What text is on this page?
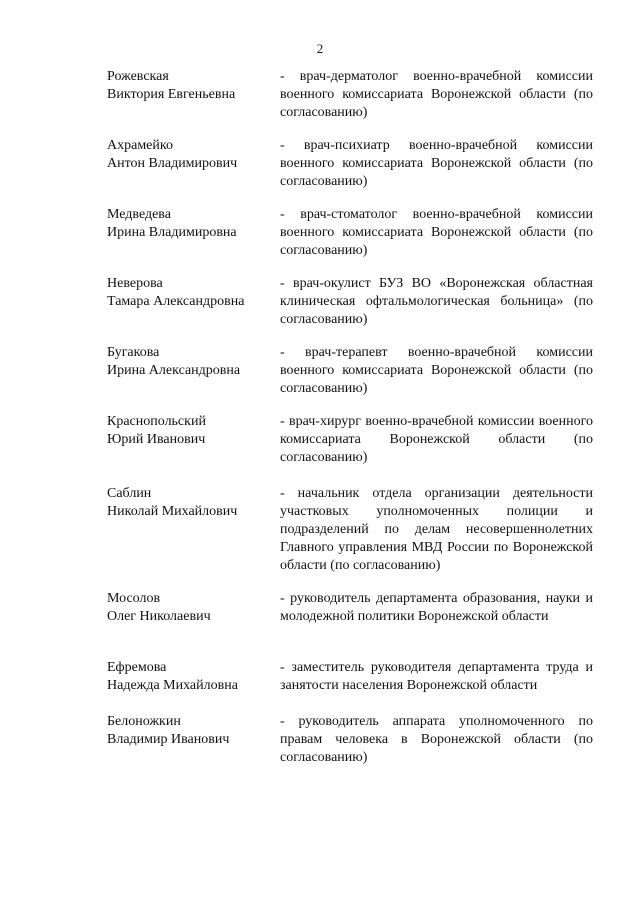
2
Рожевская
Виктория Евгеньевна
- врач-дерматолог военно-врачебной комиссии военного комиссариата Воронежской области (по согласованию)
Ахрамейко
Антон Владимирович
- врач-психиатр военно-врачебной комиссии военного комиссариата Воронежской области (по согласованию)
Медведева
Ирина Владимировна
- врач-стоматолог военно-врачебной комиссии военного комиссариата Воронежской области (по согласованию)
Неверова
Тамара Александровна
- врач-окулист БУЗ ВО «Воронежская областная клиническая офтальмологическая больница» (по согласованию)
Бугакова
Ирина Александровна
- врач-терапевт военно-врачебной комиссии военного комиссариата Воронежской области (по согласованию)
Краснопольский
Юрий Иванович
- врач-хирург военно-врачебной комиссии военного комиссариата Воронежской области (по согласованию)
Саблин
Николай Михайлович
- начальник отдела организации деятельности участковых уполномоченных полиции и подразделений по делам несовершеннолетних Главного управления МВД России по Воронежской области (по согласованию)
Мосолов
Олег Николаевич
- руководитель департамента образования, науки и молодежной политики Воронежской области
Ефремова
Надежда Михайловна
- заместитель руководителя департамента труда и занятости населения Воронежской области
Белоножкин
Владимир Иванович
- руководитель аппарата уполномоченного по правам человека в Воронежской области (по согласованию)
